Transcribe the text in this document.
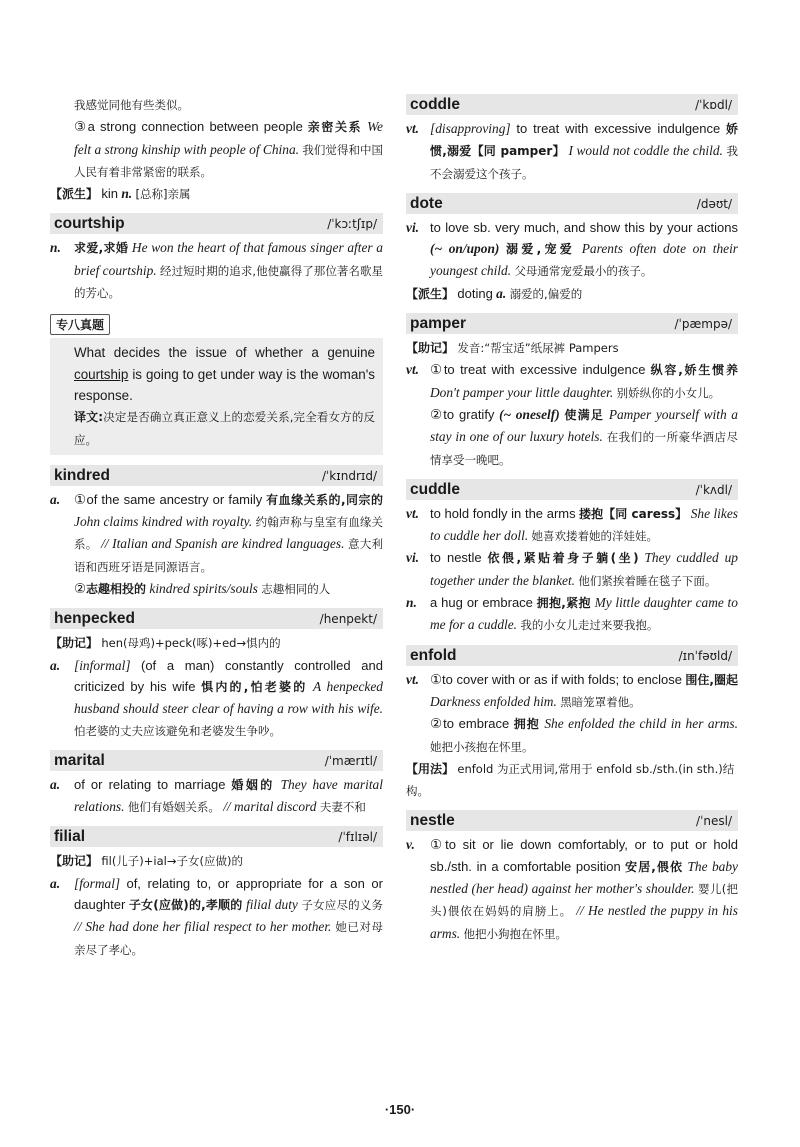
我感觉同他有些类似。
③a strong connection between people 亲密关系 We felt a strong kinship with people of China. 我们觉得和中国人民有着非常紧密的联系。
【派生】 kin n. [总称]亲属
courtship	/ˈkɔːtʃɪp/
n.	求爱,求婚 He won the heart of that famous singer after a brief courtship. 经过短时期的追求,他使赢得了那位著名歌星的芳心。
专八真题
What decides the issue of whether a genuine courtship is going to get under way is the woman's response.
译文:决定是否确立真正意义上的恋爱关系,完全看女方的反应。
kindred	/ˈkɪndrɪd/
a.	①of the same ancestry or family 有血缘关系的,同宗的 John claims kindred with royalty. 约翰声称与皇室有血缘关系。 // Italian and Spanish are kindred languages. 意大利语和西班牙语是同源语言。
②志趣相投的 kindred spirits/souls 志趣相同的人
henpecked	/henpekt/
【助记】 hen(母鸡)+peck(啄)+ed→惧内的
a.	[informal] (of a man) constantly controlled and criticized by his wife 惧内的,怕老婆的 A henpecked husband should steer clear of having a row with his wife. 怕老婆的丈夫应该避免和老婆发生争吵。
marital	/ˈmærɪtl/
a.	of or relating to marriage 婚姻的 They have marital relations. 他们有婚姻关系。 // marital discord 夫妻不和
filial	/ˈfɪlɪəl/
【助记】 fil(儿子)+ial→子女(应做)的
a.	[formal] of, relating to, or appropriate for a son or daughter 子女(应做)的,孝顺的 filial duty 子女应尽的义务 // She had done her filial respect to her mother. 她已对母亲尽了孝心。
coddle	/ˈkɒdl/
vt. [disapproving] to treat with excessive indulgence 娇惯,溺爱【同 pamper】 I would not coddle the child. 我不会溺爱这个孩子。
dote	/dəʊt/
vi. to love sb. very much, and show this by your actions (~ on/upon) 溺爱,宠爱 Parents often dote on their youngest child. 父母通常宠爱最小的孩子。
【派生】 doting a. 溺爱的,偏爱的
pamper	/ˈpæmpə/
【助记】 发音:“帮宝适”纸尿裤 Pampers
vt. ①to treat with excessive indulgence 纵容,娇生惯养 Don't pamper your little daughter. 别娇纵你的小女儿。
②to gratify (~ oneself) 使满足 Pamper yourself with a stay in one of our luxury hotels. 在我们的一所豪华酒店尽情享受一晚吧。
cuddle	/ˈkʌdl/
vt. to hold fondly in the arms 搂抱【同 caress】 She likes to cuddle her doll. 她喜欢搂着她的洋娃娃。
vi. to nestle 依偎,紧贴着身子躺(坐) They cuddled up together under the blanket. 他们紧挨着睡在毯子下面。
n.	a hug or embrace 拥抱,紧抱 My little daughter came to me for a cuddle. 我的小女儿走过来要我抱。
enfold	/ɪnˈfəʊld/
vt. ①to cover with or as if with folds; to enclose 围住,圈起 Darkness enfolded him. 黑暗笼罩着他。
②to embrace 拥抱 She enfolded the child in her arms. 她把小孩抱在怀里。
【用法】 enfold 为正式用词,常用于 enfold sb./sth.(in sth.)结构。
nestle	/ˈnesl/
v.	①to sit or lie down comfortably, or to put or hold sb./sth. in a comfortable position 安居,偎依 The baby nestled (her head) against her mother's shoulder. 婴儿(把头)偎依在妈妈的肩膀上。 // He nestled the puppy in his arms. 他把小狗抱在怀里。
·150·
